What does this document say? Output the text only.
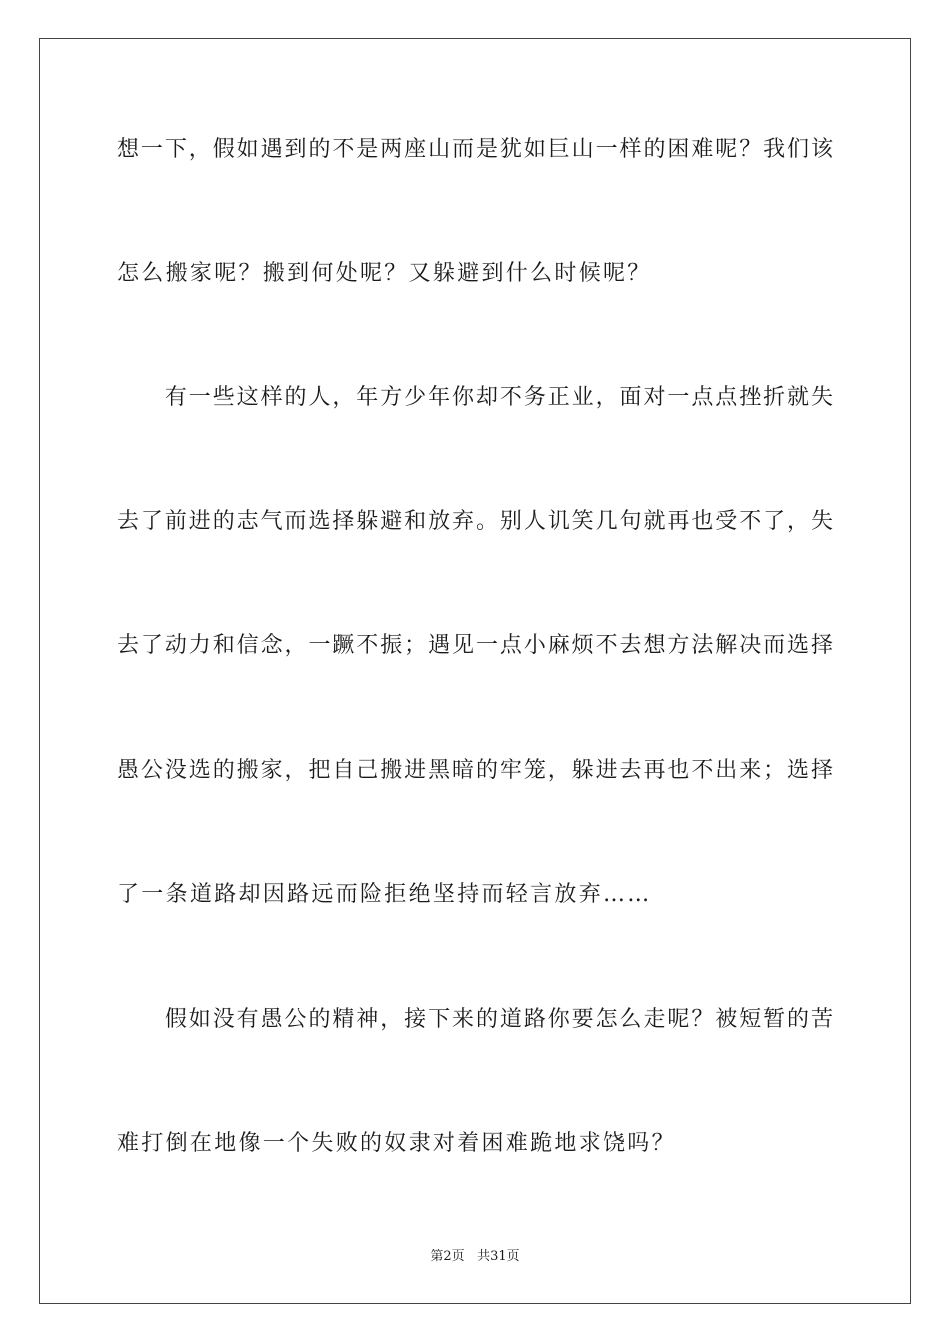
想一下，假如遇到的不是两座山而是犹如巨山一样的困难呢？我们该
怎么搬家呢？搬到何处呢？又躲避到什么时候呢？
　　有一些这样的人，年方少年你却不务正业，面对一点点挫折就失
去了前进的志气而选择躲避和放弃。别人讥笑几句就再也受不了，失
去了动力和信念，一蹶不振；遇见一点小麻烦不去想方法解决而选择
愚公没选的搬家，把自己搬进黑暗的牢笼，躲进去再也不出来；选择
了一条道路却因路远而险拒绝坚持而轻言放弃……
　　假如没有愚公的精神，接下来的道路你要怎么走呢？被短暂的苦
难打倒在地像一个失败的奴隶对着困难跪地求饶吗？
第2页 共31页
